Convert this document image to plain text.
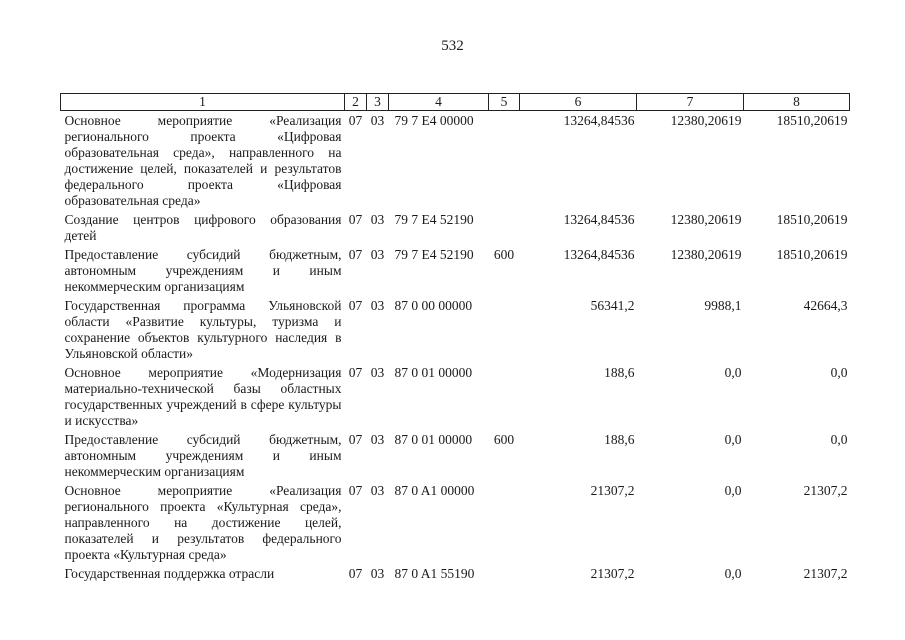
532
1	2	3	4	5	6	7	8
Основное мероприятие «Реализация регионального проекта «Цифровая образовательная среда», направленного на достижение целей, показателей и результатов федерального проекта «Цифровая образовательная среда»	07	03	79 7 E4 00000		13264,84536	12380,20619	18510,20619
Создание центров цифрового образования детей	07	03	79 7 E4 52190		13264,84536	12380,20619	18510,20619
Предоставление субсидий бюджетным, автономным учреждениям и иным некоммерческим организациям	07	03	79 7 E4 52190	600	13264,84536	12380,20619	18510,20619
Государственная программа Ульяновской области «Развитие культуры, туризма и сохранение объектов культурного наследия в Ульяновской области»	07	03	87 0 00 00000		56341,2	9988,1	42664,3
Основное мероприятие «Модернизация материально-технической базы областных государственных учреждений в сфере культуры и искусства»	07	03	87 0 01 00000		188,6	0,0	0,0
Предоставление субсидий бюджетным, автономным учреждениям и иным некоммерческим организациям	07	03	87 0 01 00000	600	188,6	0,0	0,0
Основное мероприятие «Реализация регионального проекта «Культурная среда», направленного на достижение целей, показателей и результатов федерального проекта «Культурная среда»	07	03	87 0 A1 00000		21307,2	0,0	21307,2
Государственная поддержка отрасли	07	03	87 0 A1 55190		21307,2	0,0	21307,2
